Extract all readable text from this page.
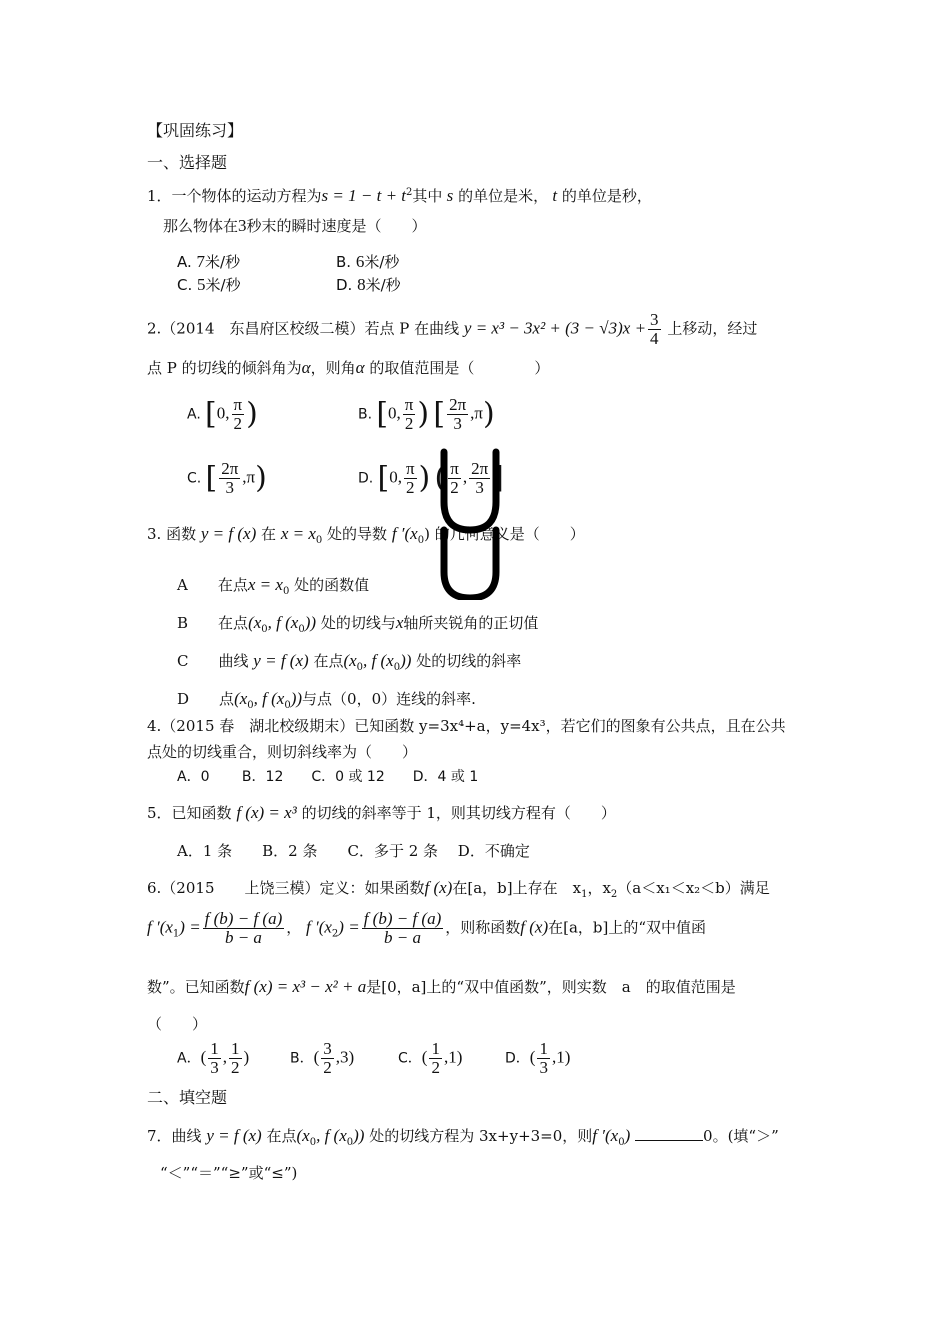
【巩固练习】
一、选择题
1．一个物体的运动方程为$s = 1 - t + t^2$其中 s 的单位是米， t 的单位是秒，
那么物体在3秒末的瞬时速度是（　　）
A. 7米/秒	B. 6米/秒
C. 5米/秒	D. 8米/秒
2.（2014　东昌府区校级二模）若点 P 在曲线 $y = x^3 - 3x^2 + (3 - √3)x + \frac{3}{4}$ 上移动，经过
点 P 的切线的倾斜角为α，则角α 的取值范围是（　　　　）
A. [0, $\frac{\pi}{2}$ )	B. [0, $\frac{\pi}{2}$ ) [ $\frac{2\pi}{3} ,\pi$)
C. [ $\frac{2\pi}{3} ,\pi$)	D. [0, $\frac{\pi}{2}$ ) ( $\frac{\pi}{2}$ , $\frac{2\pi}{3}$ ]
3. 函数 y = f (x) 在 $x = x_0$ 处的导数 f $'(x_0)$ 的几何意义是（　　）
A　　 在点$x = x_0$ 处的函数值
B　　 在点($x_0$, f $(x_0)$) 处的切线与x轴所夹锐角的正切值
C　　 曲线 y = f (x) 在点($x_0$, f $(x_0)$) 处的切线的斜率
D　　 点($x_0$, f $(x_0)$)与点（0，0）连线的斜率.
4.（2015 春　湖北校级期末）已知函数 y=3x⁴+a，y=4x³，若它们的图象有公共点，且在公共
点处的切线重合，则切斜线率为（　　）
A．0　　 B．12　　C．0 或 12　　D．4 或 1
5．已知函数 f (x) = x³ 的切线的斜率等于 1，则其切线方程有（　　）
A．1 条　　B．2 条　　C．多于 2 条　 D．不确定
6.（2015　　上饶三模）定义：如果函数f (x)在[a，b]上存在　$x_1$，$x_2(a<x_1<x_2<b)$满足
f $'(x_1) = \frac{f (b) - f (a)}{b - a}$ ， f $'(x_2) = \frac{f (b) - f (a)}{b - a}$ ，则称函数f (x)在[a，b]上的“双中值函
数”。已知函数f (x) = x³ − x² + a是[0，a]上的“双中值函数”，则实数　a　的取值范围是
（　　）
A．( $\frac{1}{3}$ , $\frac{1}{2}$ )	B．( $\frac{3}{2} ,3$)	C．( $\frac{1}{2} ,1$)	D．( $\frac{1}{3} ,1$)
二、填空题
7．曲线 y = f (x) 在点($x_0$, f $(x_0)$) 处的切线方程为 3x+y+3=0，则f $'(x_0)$	0。(填“＞”
“＜”“＝”“≥”或“≤”)
